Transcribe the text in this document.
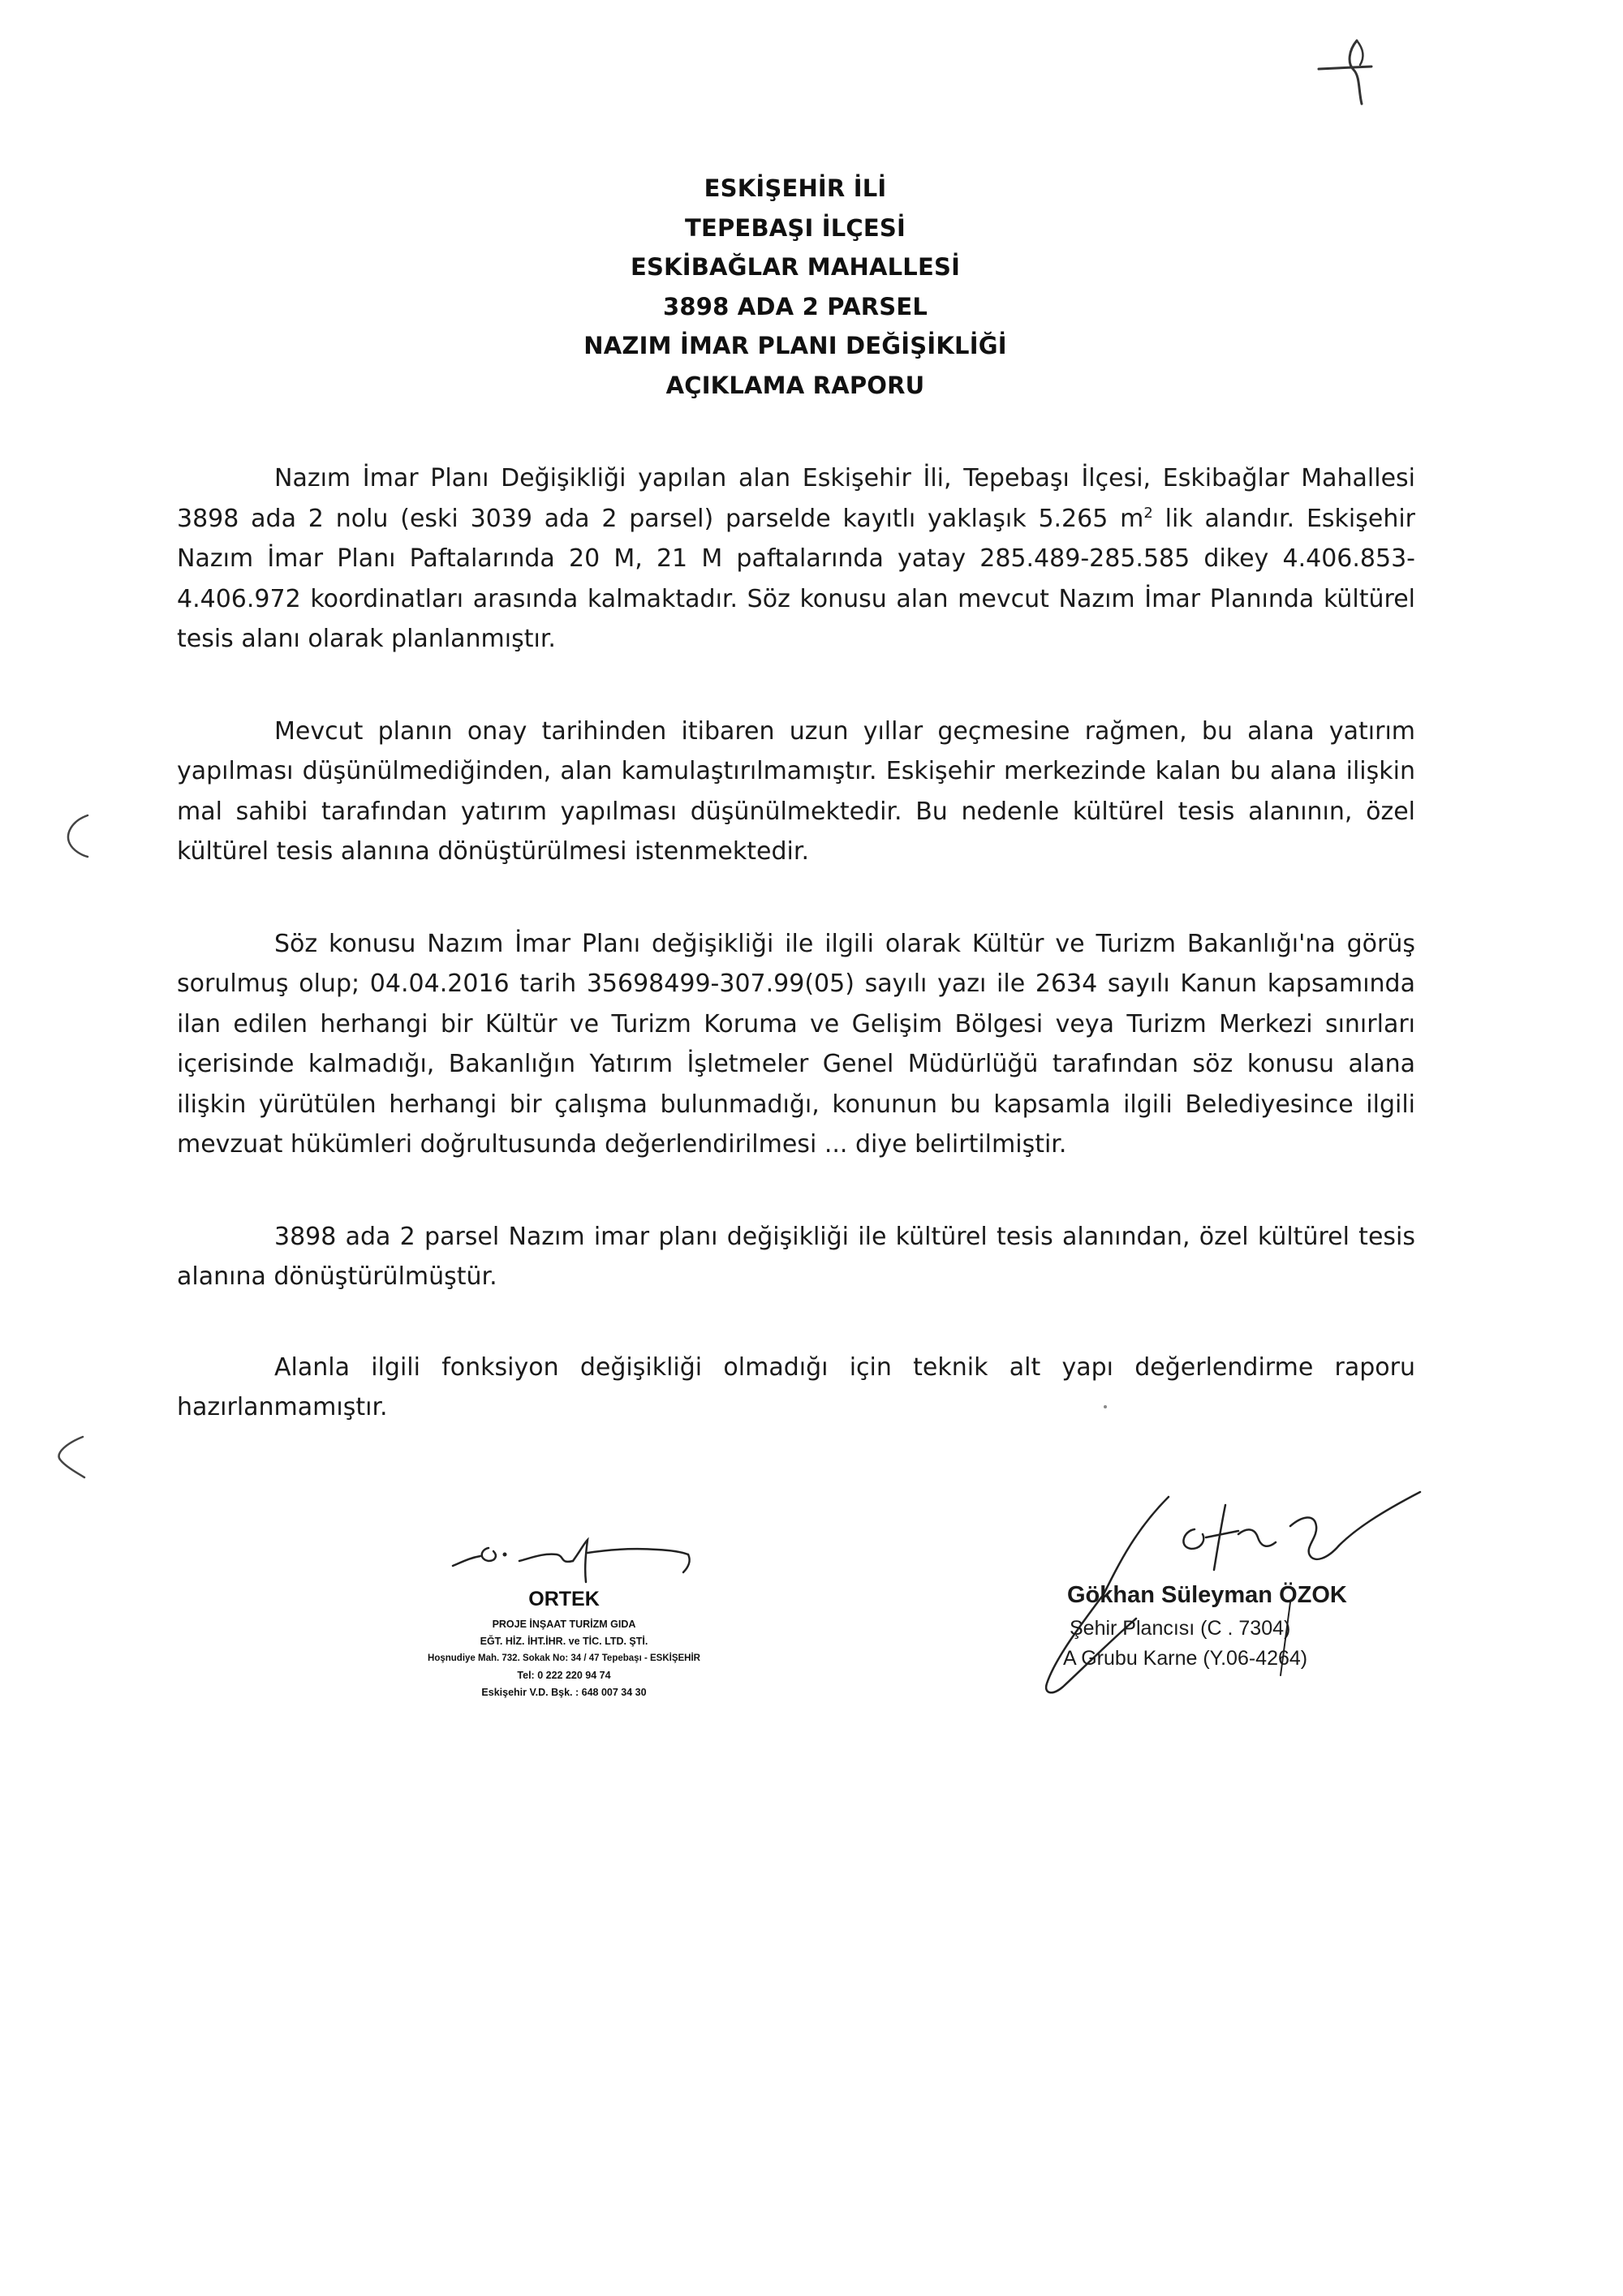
ESKİŞEHİR İLİ
TEPEBAŞI İLÇESİ
ESKİBAĞLAR MAHALLESİ
3898 ADA 2 PARSEL
NAZIM İMAR PLANI DEĞİŞİKLİĞİ
AÇIKLAMA RAPORU

Nazım İmar Planı Değişikliği yapılan alan Eskişehir İli, Tepebaşı İlçesi, Eskibağlar Mahallesi 3898 ada 2 nolu (eski 3039 ada 2 parsel) parselde kayıtlı yaklaşık 5.265 $m^2$ lik alandır. Eskişehir Nazım İmar Planı Paftalarında 20 M, 21 M paftalarında yatay 285.489-285.585 dikey 4.406.853-4.406.972 koordinatları arasında kalmaktadır. Söz konusu alan mevcut Nazım İmar Planında kültürel tesis alanı olarak planlanmıştır.

Mevcut planın onay tarihinden itibaren uzun yıllar geçmesine rağmen, bu alana yatırım yapılması düşünülmediğinden, alan kamulaştırılmamıştır. Eskişehir merkezinde kalan bu alana ilişkin mal sahibi tarafından yatırım yapılması düşünülmektedir. Bu nedenle kültürel tesis alanının, özel kültürel tesis alanına dönüştürülmesi istenmektedir.

Söz konusu Nazım İmar Planı değişikliği ile ilgili olarak Kültür ve Turizm Bakanlığı'na görüş sorulmuş olup; 04.04.2016 tarih 35698499-307.99(05) sayılı yazı ile 2634 sayılı Kanun kapsamında ilan edilen herhangi bir Kültür ve Turizm Koruma ve Gelişim Bölgesi veya Turizm Merkezi sınırları içerisinde kalmadığı, Bakanlığın Yatırım İşletmeler Genel Müdürlüğü tarafından söz konusu alana ilişkin yürütülen herhangi bir çalışma bulunmadığı, konunun bu kapsamla ilgili Belediyesince ilgili mevzuat hükümleri doğrultusunda değerlendirilmesi ... diye belirtilmiştir.

3898 ada 2 parsel Nazım imar planı değişikliği ile kültürel tesis alanından, özel kültürel tesis alanına dönüştürülmüştür.

Alanla ilgili fonksiyon değişikliği olmadığı için teknik alt yapı değerlendirme raporu hazırlanmamıştır.

ORTEK
PROJE İNŞAAT TURİZM GIDA
EĞT. HİZ. İHT.İHR. ve TİC. LTD. ŞTİ.
Hoşnudiye Mah. 732. Sokak No: 34 / 47 Tepebaşı - ESKİŞEHİR
Tel: 0 222 220 94 74
Eskişehir V.D. Bşk. : 648 007 34 30
Gökhan Süleyman ÖZOK
Şehir Plancısı (C . 7304)
A Grubu Karne (Y.06-4264)
